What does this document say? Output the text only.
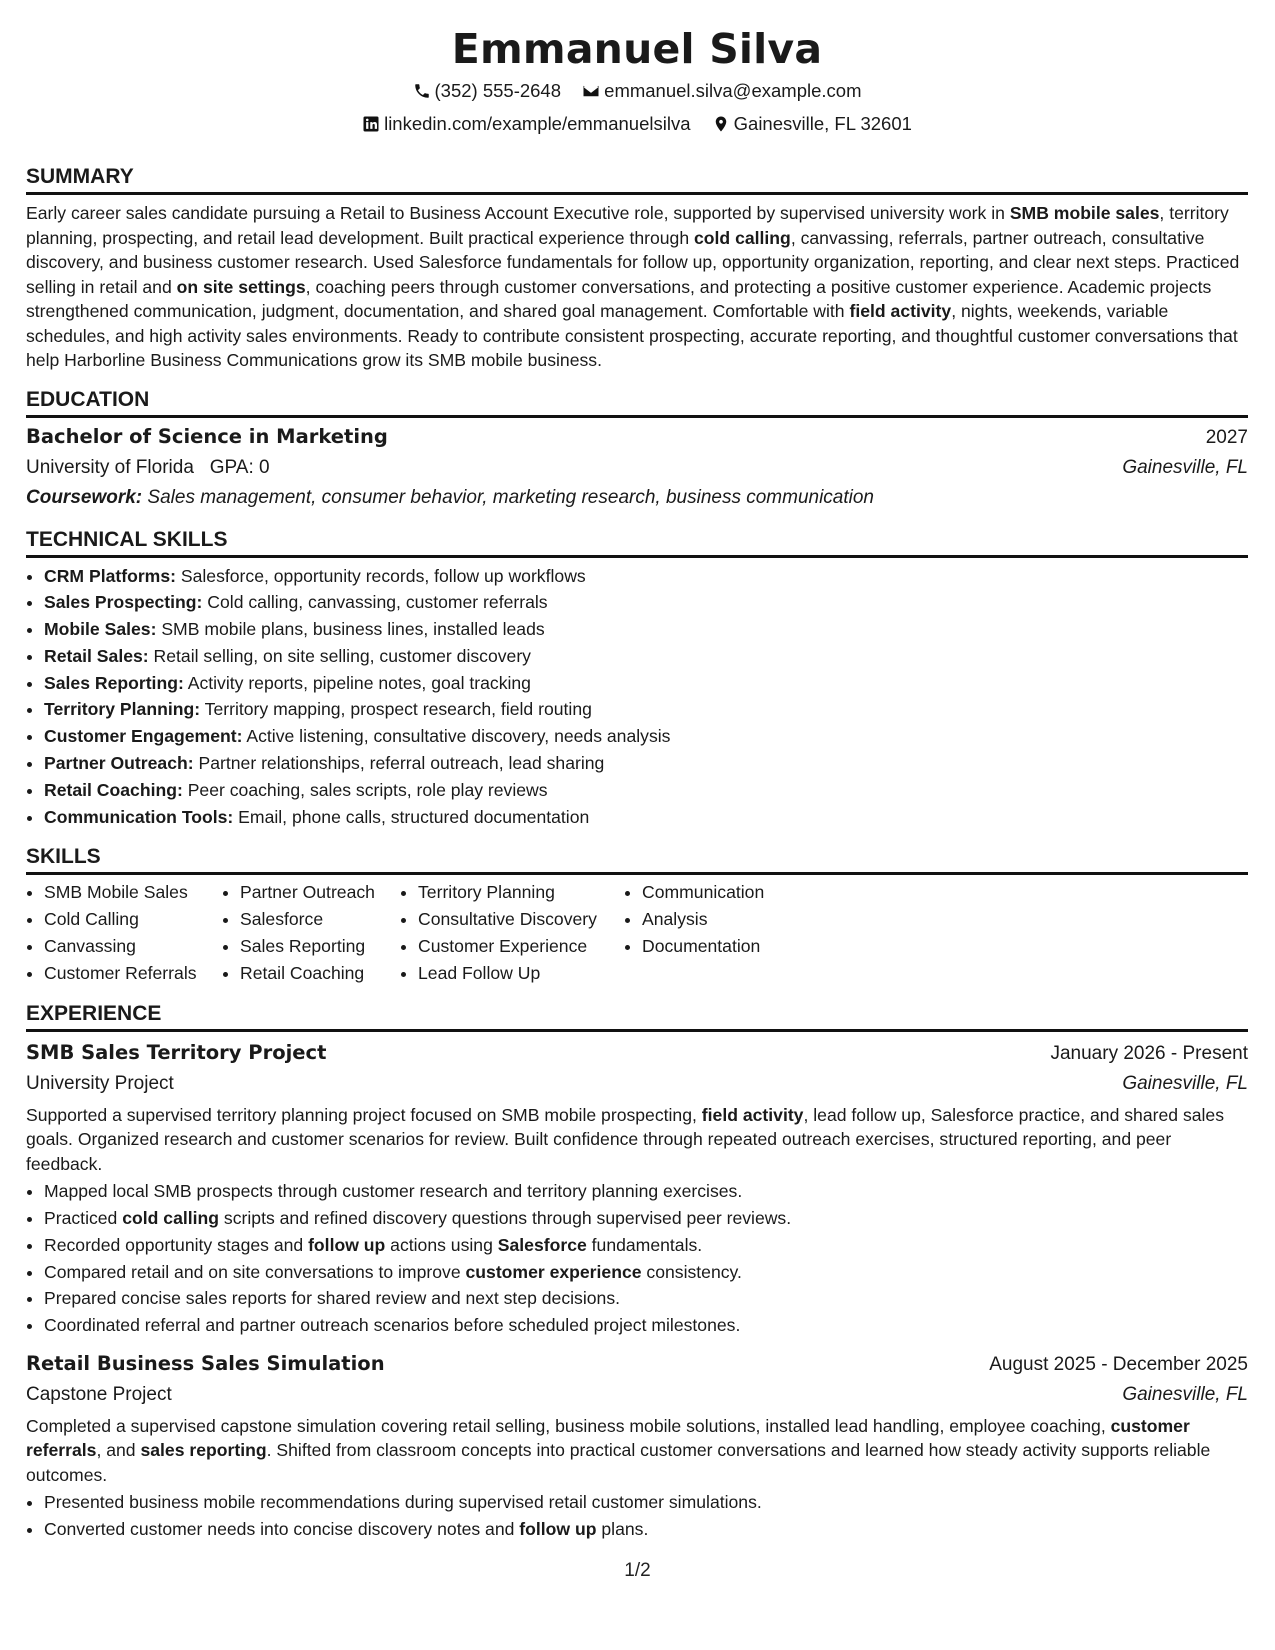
Emmanuel Silva
(352) 555-2648
emmanuel.silva@example.com
linkedin.com/example/emmanuelsilva
Gainesville, FL 32601
SUMMARY

Early career sales candidate pursuing a Retail to Business Account Executive role, supported by supervised university work in SMB mobile sales, territory planning, prospecting, and retail lead development. Built practical experience through cold calling, canvassing, referrals, partner outreach, consultative discovery, and business customer research. Used Salesforce fundamentals for follow up, opportunity organization, reporting, and clear next steps. Practiced selling in retail and on site settings, coaching peers through customer conversations, and protecting a positive customer experience. Academic projects strengthened communication, judgment, documentation, and shared goal management. Comfortable with field activity, nights, weekends, variable schedules, and high activity sales environments. Ready to contribute consistent prospecting, accurate reporting, and thoughtful customer conversations that help Harborline Business Communications grow its SMB mobile business.

EDUCATION
Bachelor of Science in Marketing	2027
University of Florida GPA: 0	Gainesville, FL
Coursework: Sales management, consumer behavior, marketing research, business communication
TECHNICAL SKILLS
• CRM Platforms: Salesforce, opportunity records, follow up workflows
• Sales Prospecting: Cold calling, canvassing, customer referrals
• Mobile Sales: SMB mobile plans, business lines, installed leads
• Retail Sales: Retail selling, on site selling, customer discovery
• Sales Reporting: Activity reports, pipeline notes, goal tracking
• Territory Planning: Territory mapping, prospect research, field routing
• Customer Engagement: Active listening, consultative discovery, needs analysis
• Partner Outreach: Partner relationships, referral outreach, lead sharing
• Retail Coaching: Peer coaching, sales scripts, role play reviews
• Communication Tools: Email, phone calls, structured documentation
SKILLS
• SMB Mobile Sales
• Cold Calling
• Canvassing
• Customer Referrals
• Partner Outreach
• Salesforce
• Sales Reporting
• Retail Coaching
• Territory Planning
• Consultative Discovery
• Customer Experience
• Lead Follow Up
• Communication
• Analysis
• Documentation
EXPERIENCE
SMB Sales Territory Project	January 2026 - Present
University Project	Gainesville, FL

Supported a supervised territory planning project focused on SMB mobile prospecting, field activity, lead follow up, Salesforce practice, and shared sales goals. Organized research and customer scenarios for review. Built confidence through repeated outreach exercises, structured reporting, and peer feedback.

• Mapped local SMB prospects through customer research and territory planning exercises.
• Practiced cold calling scripts and refined discovery questions through supervised peer reviews.
• Recorded opportunity stages and follow up actions using Salesforce fundamentals.
• Compared retail and on site conversations to improve customer experience consistency.
• Prepared concise sales reports for shared review and next step decisions.
• Coordinated referral and partner outreach scenarios before scheduled project milestones.
Retail Business Sales Simulation	August 2025 - December 2025
Capstone Project	Gainesville, FL

Completed a supervised capstone simulation covering retail selling, business mobile solutions, installed lead handling, employee coaching, customer referrals, and sales reporting. Shifted from classroom concepts into practical customer conversations and learned how steady activity supports reliable outcomes.

• Presented business mobile recommendations during supervised retail customer simulations.
• Converted customer needs into concise discovery notes and follow up plans.
1/2
